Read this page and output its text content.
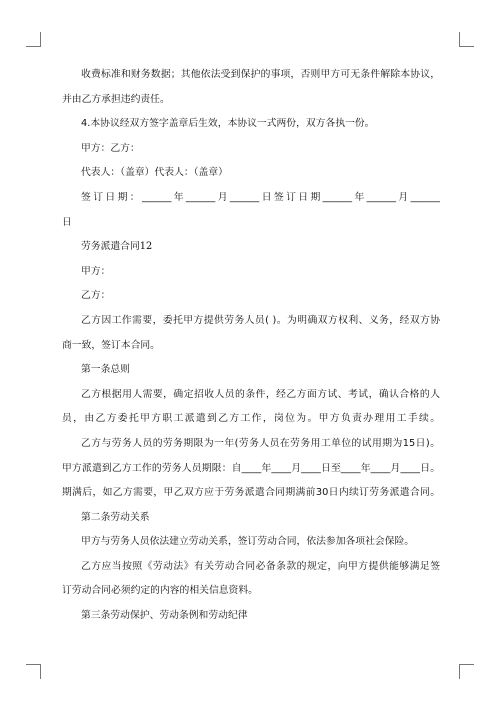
收费标准和财务数据；其他依法受到保护的事项，否则甲方可无条件解除本协议，
并由乙方承担违约责任。
4.本协议经双方签字盖章后生效，本协议一式两份，双方各执一份。
甲方：乙方：
代表人：（盖章）代表人：（盖章）
签订日期：______年______月______日签订日期______年______月______
日
劳务派遣合同12
甲方：
乙方：
乙方因工作需要，委托甲方提供劳务人员( )。为明确双方权利、义务，经双方协
商一致，签订本合同。
第一条总则
乙方根据用人需要，确定招收人员的条件，经乙方面方试、考试，确认合格的人
员，由乙方委托甲方职工派遣到乙方工作，岗位为。甲方负责办理用工手续。
乙方与劳务人员的劳务期限为一年(劳务人员在劳务用工单位的试用期为15日)。
甲方派遣到乙方工作的劳务人员期限：自____年____月____日至____年____月____日。
期满后，如乙方需要，甲乙双方应于劳务派遣合同期满前30日内续订劳务派遣合同。
第二条劳动关系
甲方与劳务人员依法建立劳动关系，签订劳动合同，依法参加各项社会保险。
乙方应当按照《劳动法》有关劳动合同必备条款的规定，向甲方提供能够满足签
订劳动合同必须约定的内容的相关信息资料。
第三条劳动保护、劳动条例和劳动纪律
